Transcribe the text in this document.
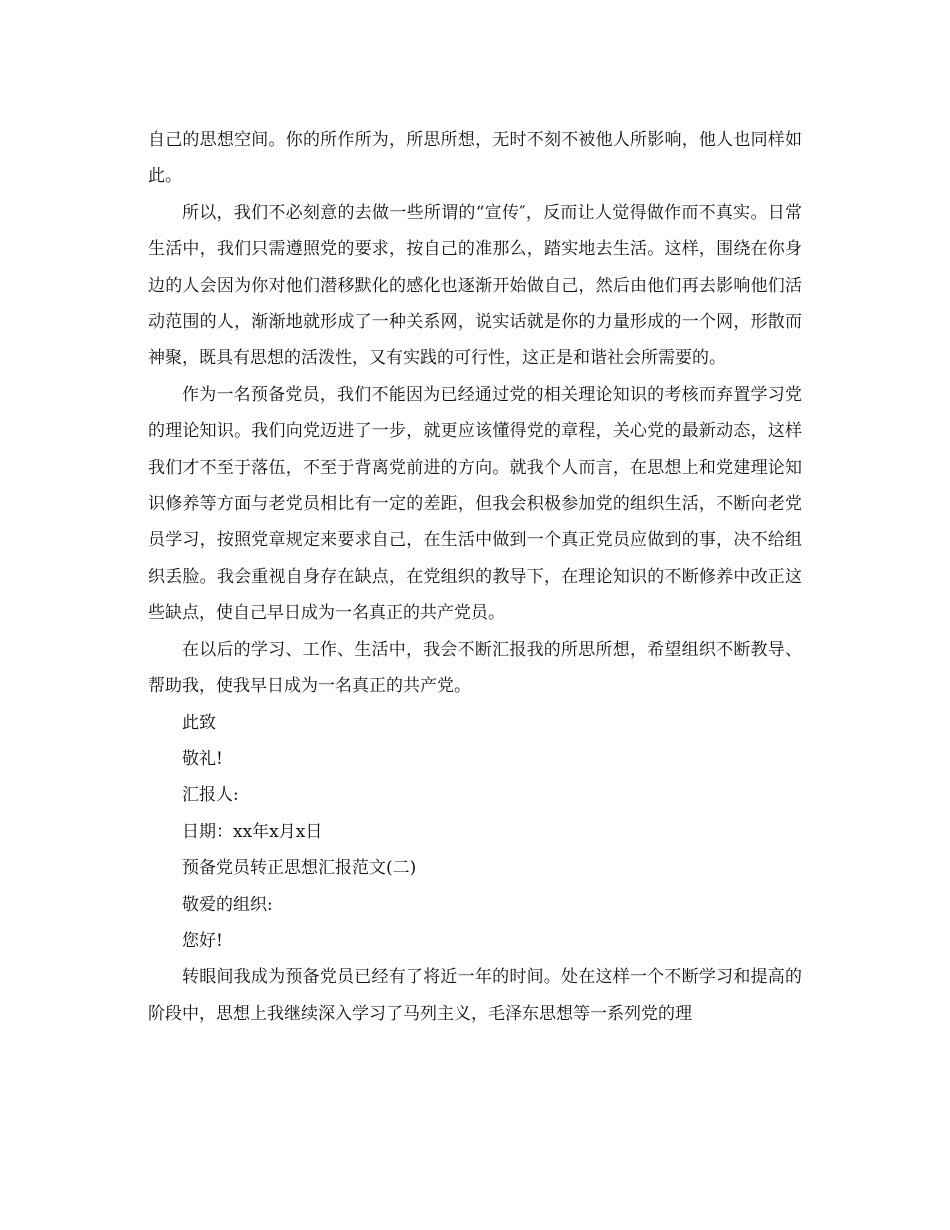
自己的思想空间。你的所作所为，所思所想，无时不刻不被他人所影响，他人也同样如此。

所以，我们不必刻意的去做一些所谓的“宣传″，反而让人觉得做作而不真实。日常生活中，我们只需遵照党的要求，按自己的准那么，踏实地去生活。这样，围绕在你身边的人会因为你对他们潜移默化的感化也逐渐开始做自己，然后由他们再去影响他们活动范围的人，渐渐地就形成了一种关系网，说实话就是你的力量形成的一个网，形散而神聚，既具有思想的活泼性，又有实践的可行性，这正是和谐社会所需要的。

作为一名预备党员，我们不能因为已经通过党的相关理论知识的考核而弃置学习党的理论知识。我们向党迈进了一步，就更应该懂得党的章程，关心党的最新动态，这样我们才不至于落伍，不至于背离党前进的方向。就我个人而言，在思想上和党建理论知识修养等方面与老党员相比有一定的差距，但我会积极参加党的组织生活，不断向老党员学习，按照党章规定来要求自己，在生活中做到一个真正党员应做到的事，决不给组织丢脸。我会重视自身存在缺点，在党组织的教导下，在理论知识的不断修养中改正这些缺点，使自己早日成为一名真正的共产党员。

在以后的学习、工作、生活中，我会不断汇报我的所思所想，希望组织不断教导、帮助我，使我早日成为一名真正的共产党。

此致

敬礼!

汇报人:

日期：xx年x月x日

预备党员转正思想汇报范文(二)

敬爱的组织:

您好!

转眼间我成为预备党员已经有了将近一年的时间。处在这样一个不断学习和提高的阶段中，思想上我继续深入学习了马列主义，毛泽东思想等一系列党的理
